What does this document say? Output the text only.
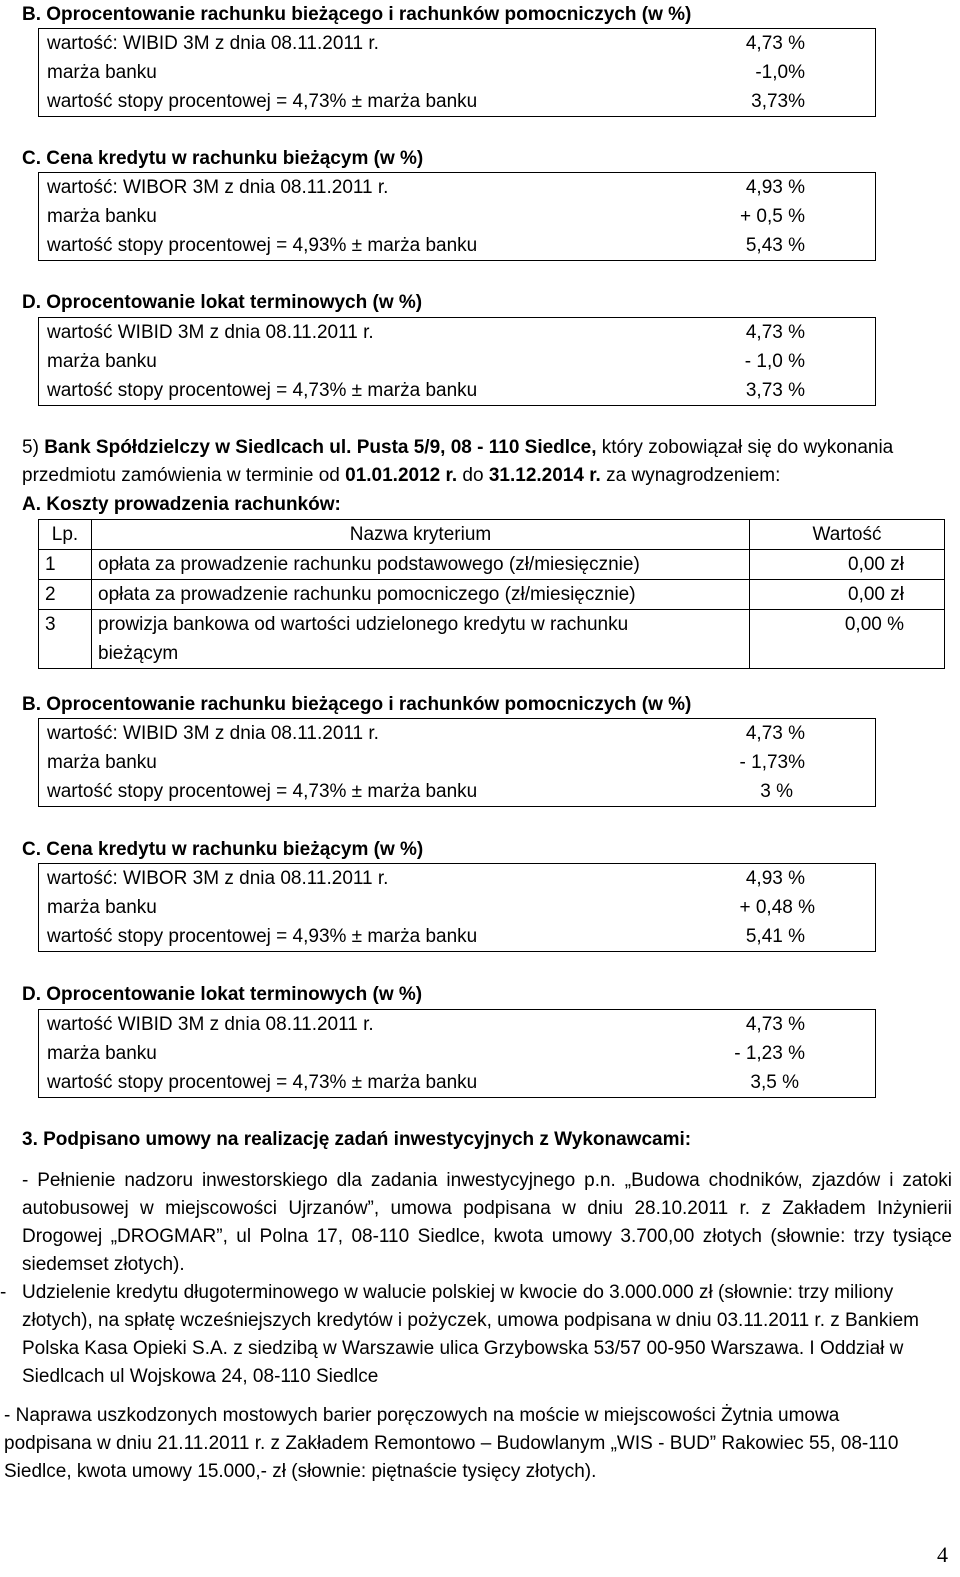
B. Oprocentowanie rachunku bieżącego i rachunków pomocniczych (w %)
wartość: WIBID 3M z dnia 08.11.2011 r.	4,73 %
marża banku	-1,0%
wartość stopy procentowej = 4,73% ± marża banku	3,73%
C. Cena kredytu w rachunku bieżącym (w %)
wartość: WIBOR 3M z dnia 08.11.2011 r.	4,93 %
marża banku	+ 0,5 %
wartość stopy procentowej = 4,93% ± marża banku	5,43 %
D. Oprocentowanie lokat terminowych (w %)
wartość WIBID 3M z dnia 08.11.2011 r.	4,73 %
marża banku	- 1,0 %
wartość stopy procentowej = 4,73% ± marża banku	3,73 %
5) Bank Spółdzielczy w Siedlcach ul. Pusta 5/9, 08 - 110 Siedlce, który zobowiązał się do wykonania
przedmiotu zamówienia w terminie od 01.01.2012 r. do 31.12.2014 r. za wynagrodzeniem:
A. Koszty prowadzenia rachunków:
Lp.	Nazwa kryterium	Wartość
1	opłata za prowadzenie rachunku podstawowego (zł/miesięcznie)	0,00 zł
2	opłata za prowadzenie rachunku pomocniczego (zł/miesięcznie)	0,00 zł
3	prowizja bankowa od wartości udzielonego kredytu w rachunku bieżącym	0,00 %
B. Oprocentowanie rachunku bieżącego i rachunków pomocniczych (w %)
wartość: WIBID 3M z dnia 08.11.2011 r.	4,73 %
marża banku	- 1,73%
wartość stopy procentowej = 4,73% ± marża banku	3 %
C. Cena kredytu w rachunku bieżącym (w %)
wartość: WIBOR 3M z dnia 08.11.2011 r.	4,93 %
marża banku	+ 0,48 %
wartość stopy procentowej = 4,93% ± marża banku	5,41 %
D. Oprocentowanie lokat terminowych (w %)
wartość WIBID 3M z dnia 08.11.2011 r.	4,73 %
marża banku	- 1,23 %
wartość stopy procentowej = 4,73% ± marża banku	3,5 %
3. Podpisano umowy na realizację zadań inwestycyjnych z Wykonawcami:
- Pełnienie nadzoru inwestorskiego dla zadania inwestycyjnego p.n. „Budowa chodników, zjazdów i zatoki autobusowej w miejscowości Ujrzanów”, umowa podpisana w dniu 28.10.2011 r. z Zakładem Inżynierii Drogowej „DROGMAR”, ul Polna 17, 08-110 Siedlce, kwota umowy 3.700,00 złotych (słownie: trzy tysiące siedemset złotych).
- Udzielenie kredytu długoterminowego w walucie polskiej w kwocie do 3.000.000 zł (słownie: trzy miliony złotych), na spłatę wcześniejszych kredytów i pożyczek, umowa podpisana w dniu 03.11.2011 r. z Bankiem Polska Kasa Opieki S.A. z siedzibą w Warszawie ulica Grzybowska 53/57 00-950 Warszawa. I Oddział w Siedlcach ul Wojskowa 24, 08-110 Siedlce
- Naprawa uszkodzonych mostowych barier poręczowych na moście w miejscowości Żytnia umowa podpisana w dniu 21.11.2011 r. z Zakładem Remontowo – Budowlanym „WIS - BUD” Rakowiec 55, 08-110 Siedlce, kwota umowy 15.000,- zł (słownie: piętnaście tysięcy złotych).
4
